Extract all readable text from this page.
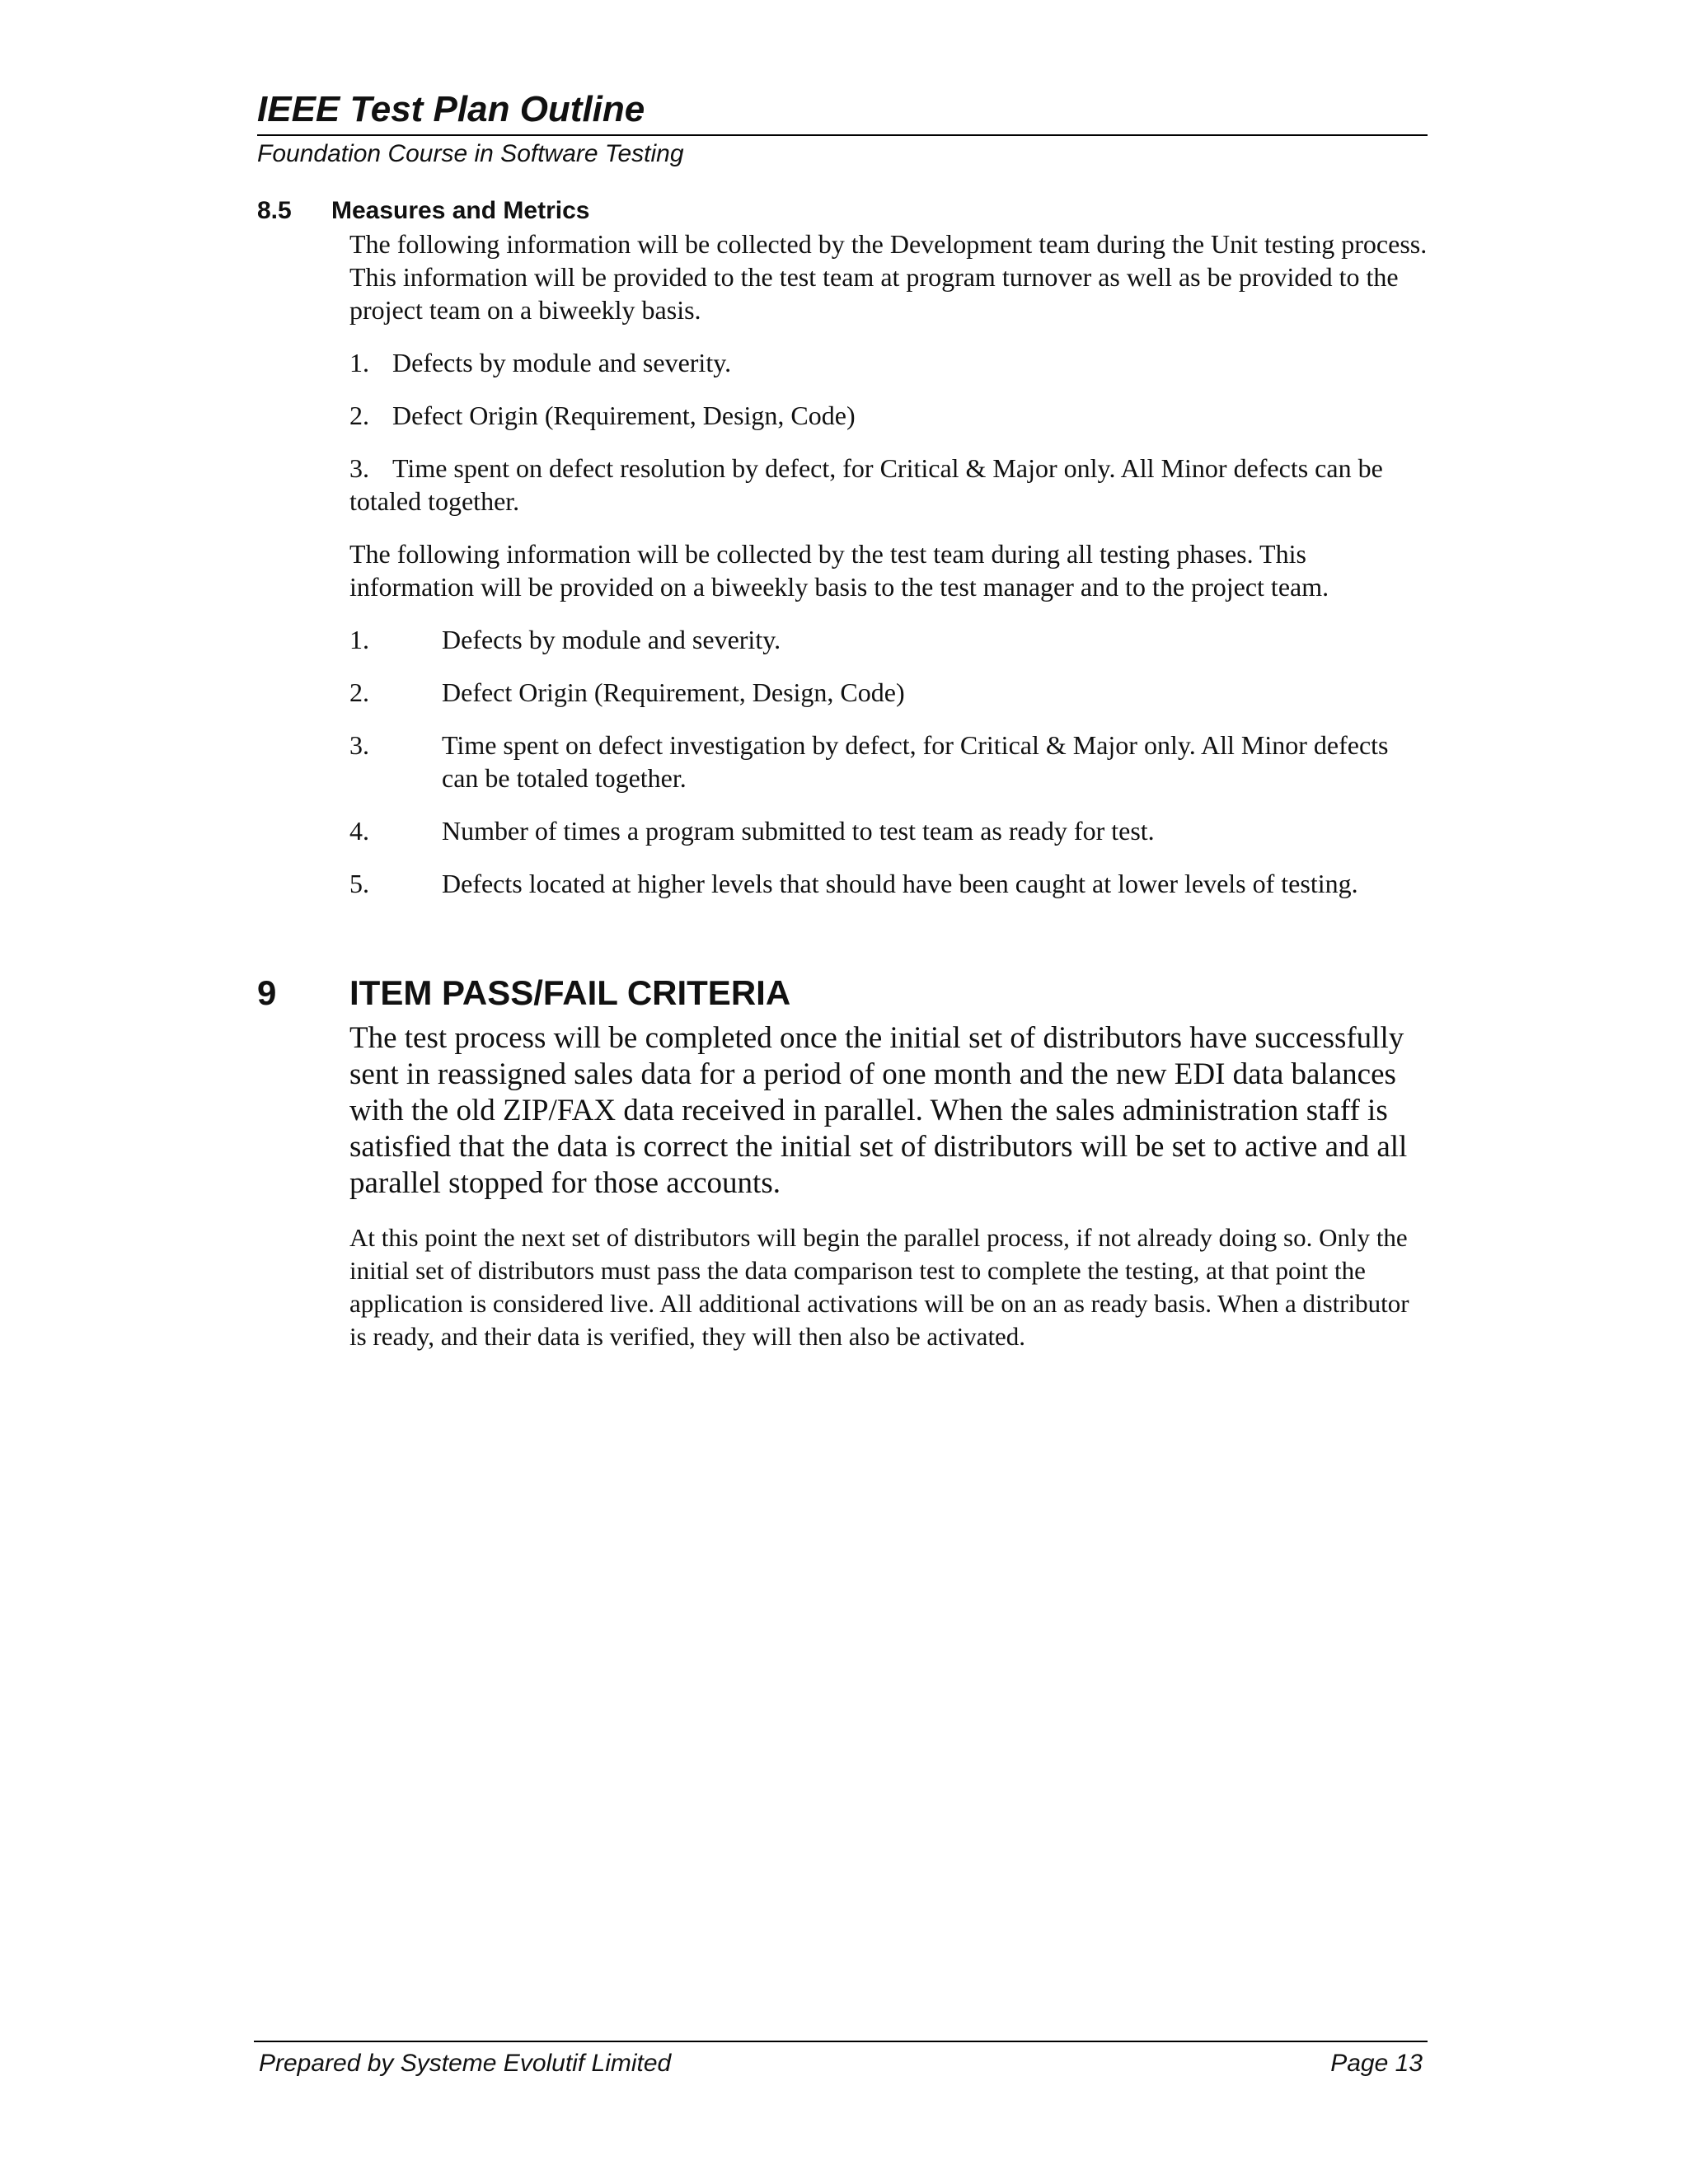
IEEE Test Plan Outline
Foundation Course in Software Testing
8.5	Measures and Metrics

The following information will be collected by the Development team during the Unit testing process. This information will be provided to the test team at program turnover as well as be provided to the project team on a biweekly basis.

1. Defects by module and severity.
2. Defect Origin (Requirement, Design, Code)
3. Time spent on defect resolution by defect, for Critical & Major only. All Minor defects can be totaled together.

The following information will be collected by the test team during all testing phases. This information will be provided on a biweekly basis to the test manager and to the project team.

1.	Defects by module and severity.
2.	Defect Origin (Requirement, Design, Code)
3.	Time spent on defect investigation by defect, for Critical & Major only. All Minor defects can be totaled together.
4.	Number of times a program submitted to test team as ready for test.
5.	Defects located at higher levels that should have been caught at lower levels of testing.
9	ITEM PASS/FAIL CRITERIA

The test process will be completed once the initial set of distributors have successfully sent in reassigned sales data for a period of one month and the new EDI data balances with the old ZIP/FAX data received in parallel. When the sales administration staff is satisfied that the data is correct the initial set of distributors will be set to active and all parallel stopped for those accounts.

At this point the next set of distributors will begin the parallel process, if not already doing so. Only the initial set of distributors must pass the data comparison test to complete the testing, at that point the application is considered live. All additional activations will be on an as ready basis. When a distributor is ready, and their data is verified, they will then also be activated.

Prepared by Systeme Evolutif Limited	Page 13
